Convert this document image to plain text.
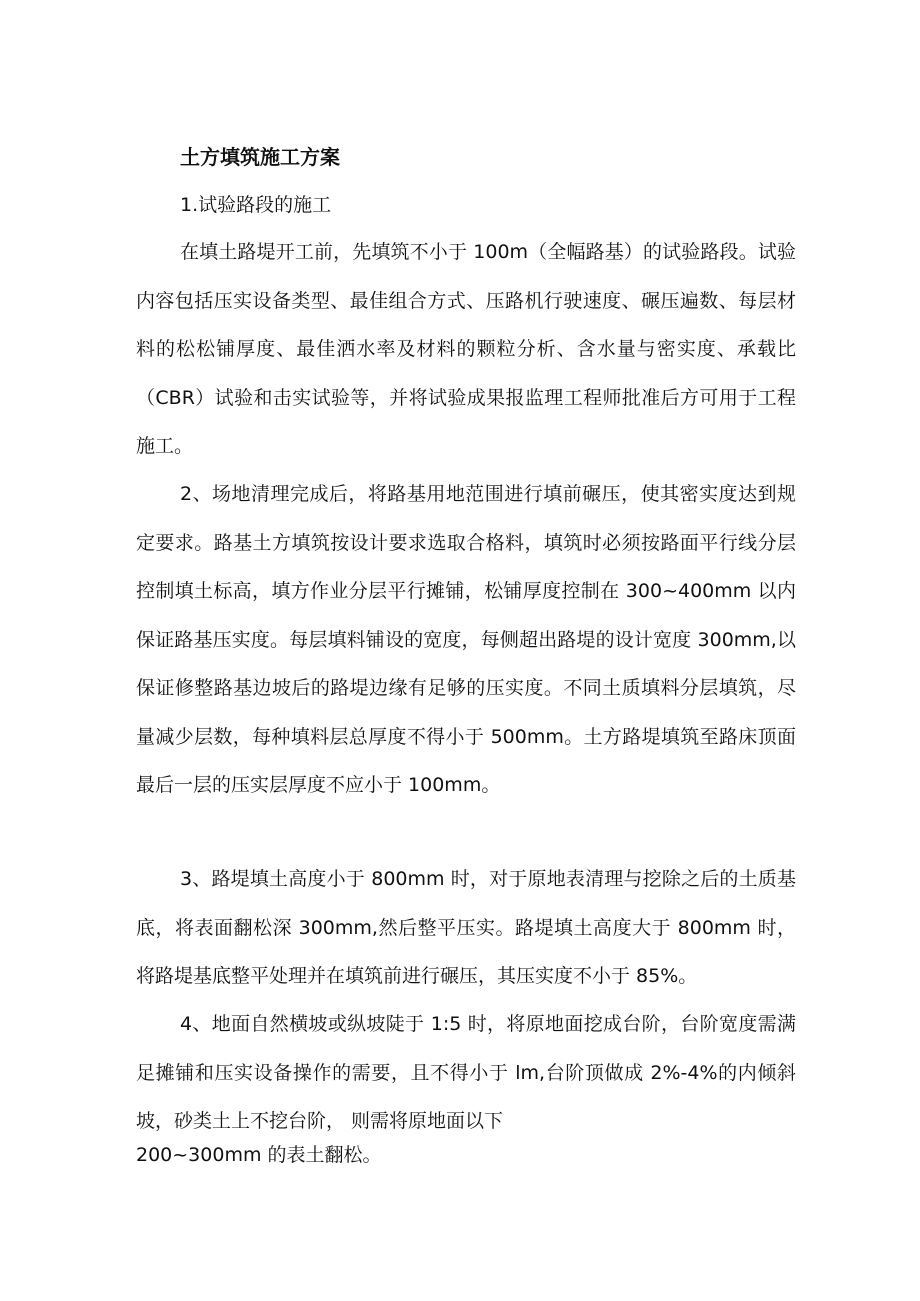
土方填筑施工方案
1.试验路段的施工

在填土路堤开工前，先填筑不小于 100m（全幅路基）的试验路段。试验内容包括压实设备类型、最佳组合方式、压路机行驶速度、碾压遍数、每层材料的松松铺厚度、最佳洒水率及材料的颗粒分析、含水量与密实度、承载比（CBR）试验和击实试验等，并将试验成果报监理工程师批准后方可用于工程施工。

2、场地清理完成后，将路基用地范围进行填前碾压，使其密实度达到规定要求。路基土方填筑按设计要求选取合格料，填筑时必须按路面平行线分层控制填土标高，填方作业分层平行摊铺，松铺厚度控制在 300~400mm 以内保证路基压实度。每层填料铺设的宽度，每侧超出路堤的设计宽度 300mm,以保证修整路基边坡后的路堤边缘有足够的压实度。不同土质填料分层填筑，尽量减少层数，每种填料层总厚度不得小于 500mm。土方路堤填筑至路床顶面最后一层的压实层厚度不应小于 100mm。

3、路堤填土高度小于 800mm 时，对于原地表清理与挖除之后的土质基底，将表面翻松深 300mm,然后整平压实。路堤填土高度大于 800mm 时，将路堤基底整平处理并在填筑前进行碾压，其压实度不小于 85%。

4、地面自然横坡或纵坡陡于 1:5 时，将原地面挖成台阶，台阶宽度需满足摊铺和压实设备操作的需要，且不得小于 lm,台阶顶做成 2%-4%的内倾斜坡，砂类土上不挖台阶， 则需将原地面以下

200~300mm 的表土翻松。
